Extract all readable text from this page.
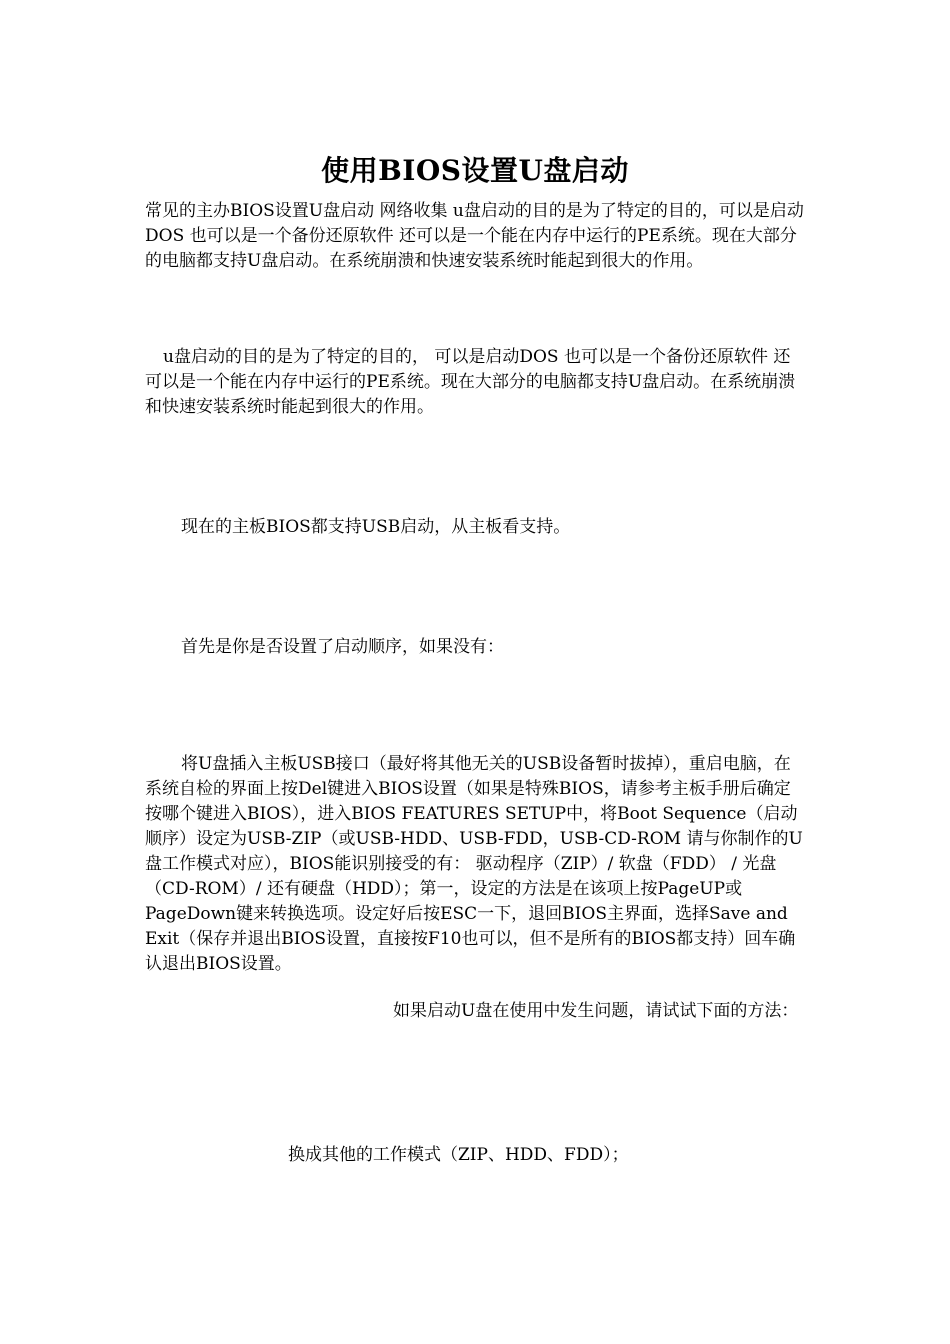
使用BIOS设置U盘启动

常见的主办BIOS设置U盘启动 网络收集 u盘启动的目的是为了特定的目的，可以是启动DOS 也可以是一个备份还原软件 还可以是一个能在内存中运行的PE系统。现在大部分的电脑都支持U盘启动。在系统崩溃和快速安装系统时能起到很大的作用。

u盘启动的目的是为了特定的目的， 可以是启动DOS 也可以是一个备份还原软件 还可以是一个能在内存中运行的PE系统。现在大部分的电脑都支持U盘启动。在系统崩溃和快速安装系统时能起到很大的作用。

现在的主板BIOS都支持USB启动，从主板看支持。

首先是你是否设置了启动顺序，如果没有：

将U盘插入主板USB接口（最好将其他无关的USB设备暂时拔掉），重启电脑，在系统自检的界面上按Del键进入BIOS设置（如果是特殊BIOS，请参考主板手册后确定按哪个键进入BIOS），进入BIOS FEATURES SETUP中，将Boot Sequence（启动顺序）设定为USB-ZIP（或USB-HDD、USB-FDD，USB-CD-ROM 请与你制作的U盘工作模式对应），BIOS能识别接受的有： 驱动程序（ZIP）/ 软盘（FDD） / 光盘（CD-ROM）/ 还有硬盘（HDD）；第一，设定的方法是在该项上按PageUP或PageDown键来转换选项。设定好后按ESC一下，退回BIOS主界面，选择Save and Exit（保存并退出BIOS设置，直接按F10也可以，但不是所有的BIOS都支持）回车确认退出BIOS设置。

如果启动U盘在使用中发生问题，请试试下面的方法：

换成其他的工作模式（ZIP、HDD、FDD）；
